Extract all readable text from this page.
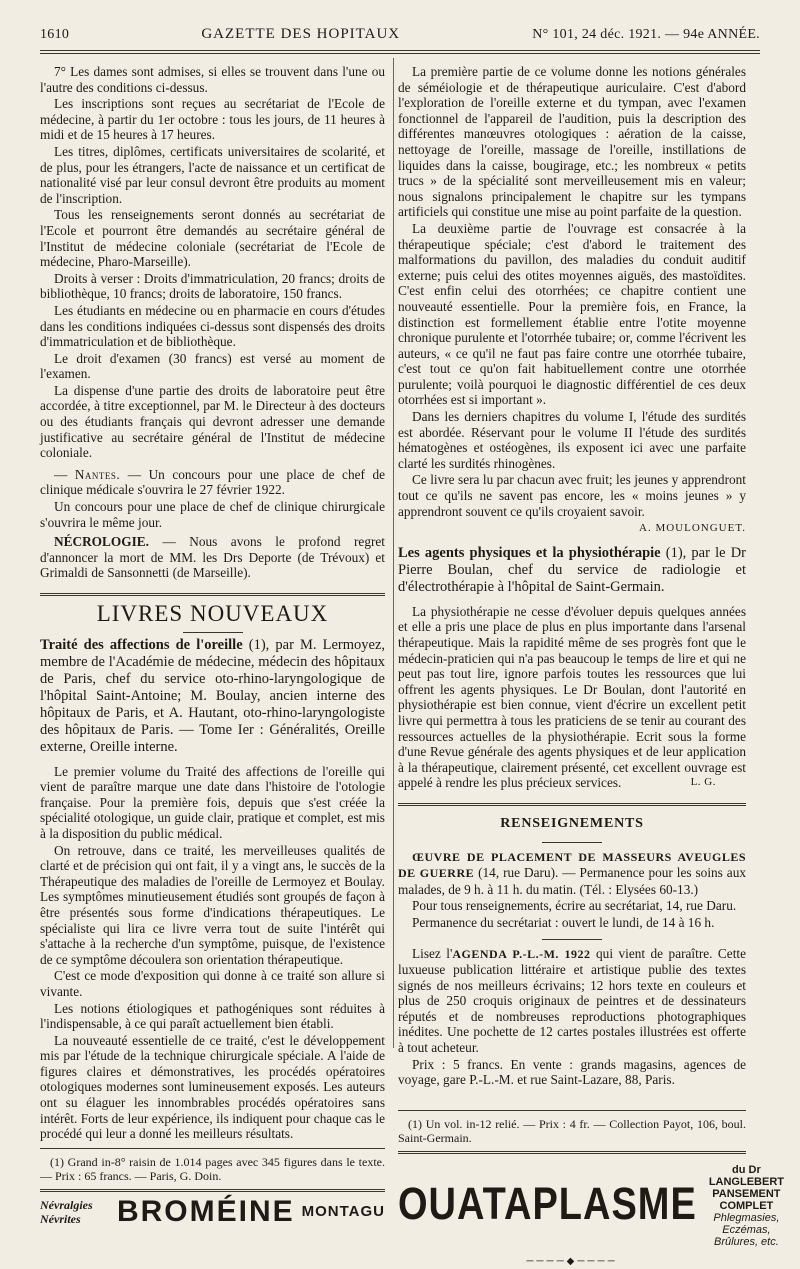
1610	GAZETTE DES HOPITAUX	N° 101, 24 déc. 1921. — 94e ANNÉE.

7° Les dames sont admises, si elles se trouvent dans l'une ou l'autre des conditions ci-dessus.

Les inscriptions sont reçues au secrétariat de l'Ecole de médecine, à partir du 1er octobre : tous les jours, de 11 heures à midi et de 15 heures à 17 heures.

Les titres, diplômes, certificats universitaires de scolarité, et de plus, pour les étrangers, l'acte de naissance et un certificat de nationalité visé par leur consul devront être produits au moment de l'inscription.

Tous les renseignements seront donnés au secrétariat de l'Ecole et pourront être demandés au secrétaire général de l'Institut de médecine coloniale (secrétariat de l'Ecole de médecine, Pharo-Marseille).

Droits à verser : Droits d'immatriculation, 20 francs; droits de bibliothèque, 10 francs; droits de laboratoire, 150 francs.

Les étudiants en médecine ou en pharmacie en cours d'études dans les conditions indiquées ci-dessus sont dispensés des droits d'immatriculation et de bibliothèque.

Le droit d'examen (30 francs) est versé au moment de l'examen.

La dispense d'une partie des droits de laboratoire peut être accordée, à titre exceptionnel, par M. le Directeur à des docteurs ou des étudiants français qui devront adresser une demande justificative au secrétaire général de l'Institut de médecine coloniale.

— Nantes. — Un concours pour une place de chef de clinique médicale s'ouvrira le 27 février 1922.

Un concours pour une place de chef de clinique chirurgicale s'ouvrira le même jour.

NÉCROLOGIE. — Nous avons le profond regret d'annoncer la mort de MM. les Drs Deporte (de Trévoux) et Grimaldi de Sansonnetti (de Marseille).

LIVRES NOUVEAUX

Traité des affections de l'oreille (1), par M. Lermoyez, membre de l'Académie de médecine, médecin des hôpitaux de Paris, chef du service oto-rhino-laryngologique de l'hôpital Saint-Antoine; M. Boulay, ancien interne des hôpitaux de Paris, et A. Hautant, oto-rhino-laryngologiste des hôpitaux de Paris. — Tome Ier : Généralités, Oreille externe, Oreille interne.

Le premier volume du Traité des affections de l'oreille qui vient de paraître marque une date dans l'histoire de l'otologie française. Pour la première fois, depuis que s'est créée la spécialité otologique, un guide clair, pratique et complet, est mis à la disposition du public médical.

On retrouve, dans ce traité, les merveilleuses qualités de clarté et de précision qui ont fait, il y a vingt ans, le succès de la Thérapeutique des maladies de l'oreille de Lermoyez et Boulay. Les symptômes minutieusement étudiés sont groupés de façon à être présentés sous forme d'indications thérapeutiques. Le spécialiste qui lira ce livre verra tout de suite l'intérêt qui s'attache à la recherche d'un symptôme, puisque, de l'existence de ce symptôme découlera son orientation thérapeutique.

C'est ce mode d'exposition qui donne à ce traité son allure si vivante.

Les notions étiologiques et pathogéniques sont réduites à l'indispensable, à ce qui paraît actuellement bien établi.

La nouveauté essentielle de ce traité, c'est le développement mis par l'étude de la technique chirurgicale spéciale. A l'aide de figures claires et démonstratives, les procédés opératoires otologiques modernes sont lumineusement exposés. Les auteurs ont su élaguer les innombrables procédés opératoires sans intérêt. Forts de leur expérience, ils indiquent pour chaque cas le procédé qui leur a donné les meilleurs résultats.

(1) Grand in-8° raisin de 1.014 pages avec 345 figures dans le texte. — Prix : 65 francs. — Paris, G. Doin.

Névralgies
Névrites	BROMÉINE MONTAGU

La première partie de ce volume donne les notions générales de séméiologie et de thérapeutique auriculaire. C'est d'abord l'exploration de l'oreille externe et du tympan, avec l'examen fonctionnel de l'appareil de l'audition, puis la description des différentes manœuvres otologiques : aération de la caisse, nettoyage de l'oreille, massage de l'oreille, instillations de liquides dans la caisse, bougirage, etc.; les nombreux « petits trucs » de la spécialité sont merveilleusement mis en valeur; nous signalons principalement le chapitre sur les tympans artificiels qui constitue une mise au point parfaite de la question.

La deuxième partie de l'ouvrage est consacrée à la thérapeutique spéciale; c'est d'abord le traitement des malformations du pavillon, des maladies du conduit auditif externe; puis celui des otites moyennes aiguës, des mastoïdites. C'est enfin celui des otorrhées; ce chapitre contient une nouveauté essentielle. Pour la première fois, en France, la distinction est formellement établie entre l'otite moyenne chronique purulente et l'otorrhée tubaire; or, comme l'écrivent les auteurs, « ce qu'il ne faut pas faire contre une otorrhée tubaire, c'est tout ce qu'on fait habituellement contre une otorrhée purulente; voilà pourquoi le diagnostic différentiel de ces deux otorrhées est si important ».

Dans les derniers chapitres du volume I, l'étude des surdités est abordée. Réservant pour le volume II l'étude des surdités hématogènes et ostéogènes, ils exposent ici avec une parfaite clarté les surdités rhinogènes.

Ce livre sera lu par chacun avec fruit; les jeunes y apprendront tout ce qu'ils ne savent pas encore, les « moins jeunes » y apprendront souvent ce qu'ils croyaient savoir.

A. MOULONGUET.

Les agents physiques et la physiothérapie (1), par le Dr Pierre Boulan, chef du service de radiologie et d'électrothérapie à l'hôpital de Saint-Germain.

La physiothérapie ne cesse d'évoluer depuis quelques années et elle a pris une place de plus en plus importante dans l'arsenal thérapeutique. Mais la rapidité même de ses progrès font que le médecin-praticien qui n'a pas beaucoup le temps de lire et qui ne peut pas tout lire, ignore parfois toutes les ressources que lui offrent les agents physiques. Le Dr Boulan, dont l'autorité en physiothérapie est bien connue, vient d'écrire un excellent petit livre qui permettra à tous les praticiens de se tenir au courant des ressources actuelles de la physiothérapie. Ecrit sous la forme d'une Revue générale des agents physiques et de leur application à la thérapeutique, clairement présenté, cet excellent ouvrage est appelé à rendre les plus précieux services.	L. G.

RENSEIGNEMENTS

ŒUVRE DE PLACEMENT DE MASSEURS AVEUGLES DE GUERRE (14, rue Daru). — Permanence pour les soins aux malades, de 9 h. à 11 h. du matin. (Tél. : Elysées 60-13.)

Pour tous renseignements, écrire au secrétariat, 14, rue Daru.

Permanence du secrétariat : ouvert le lundi, de 14 à 16 h.

Lisez l'AGENDA P.-L.-M. 1922 qui vient de paraître. Cette luxueuse publication littéraire et artistique publie des textes signés de nos meilleurs écrivains; 12 hors texte en couleurs et plus de 250 croquis originaux de peintres et de dessinateurs réputés et de nombreuses reproductions photographiques inédites. Une pochette de 12 cartes postales illustrées est offerte à tout acheteur.

Prix : 5 francs. En vente : grands magasins, agences de voyage, gare P.-L.-M. et rue Saint-Lazare, 88, Paris.

(1) Un vol. in-12 relié. — Prix : 4 fr. — Collection Payot, 106, boul. Saint-Germain.

OUATAPLASME
du Dr LANGLEBERT
PANSEMENT COMPLET
Phlegmasies, Eczémas, Brûlures, etc.
────◆────
